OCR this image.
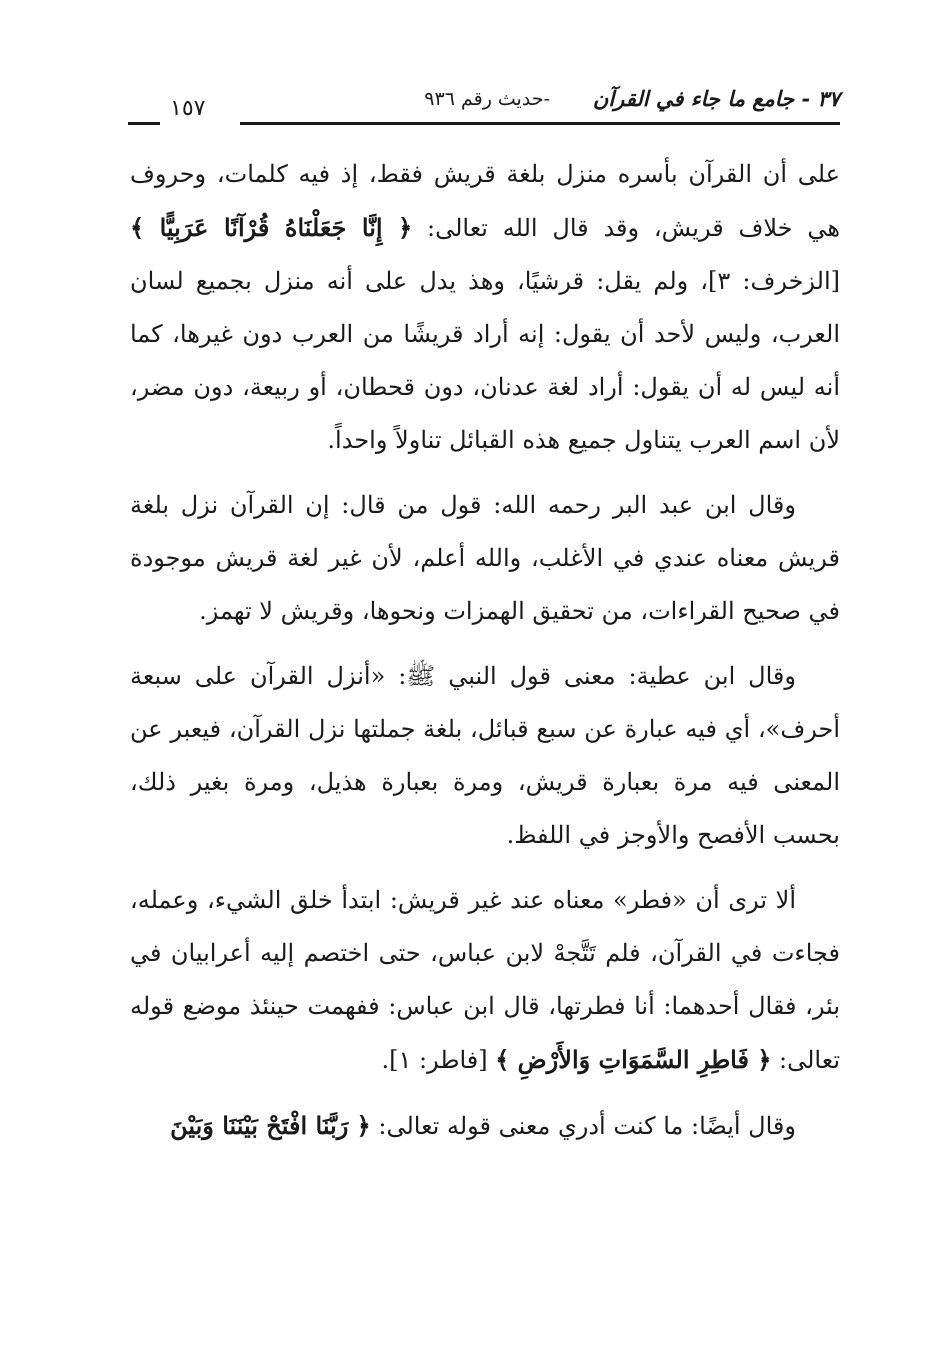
٣٧ - جامع ما جاء في القرآن
-حديث رقم ٩٣٦
١٥٧

على أن القرآن بأسره منزل بلغة قريش فقط، إذ فيه كلمات، وحروف هي خلاف قريش، وقد قال الله تعالى: ﴿ إِنَّا جَعَلْنَاهُ قُرْآنًا عَرَبِيًّا ﴾ [الزخرف: ٣]، ولم يقل: قرشيًا، وهذ يدل على أنه منزل بجميع لسان العرب، وليس لأحد أن يقول: إنه أراد قريشًا من العرب دون غيرها، كما أنه ليس له أن يقول: أراد لغة عدنان، دون قحطان، أو ربيعة، دون مضر، لأن اسم العرب يتناول جميع هذه القبائل تناولاً واحداً.

وقال ابن عبد البر رحمه الله: قول من قال: إن القرآن نزل بلغة قريش معناه عندي في الأغلب، والله أعلم، لأن غير لغة قريش موجودة في صحيح القراءات، من تحقيق الهمزات ونحوها، وقريش لا تهمز.

وقال ابن عطية: معنى قول النبي ﷺ: «أنزل القرآن على سبعة أحرف»، أي فيه عبارة عن سبع قبائل، بلغة جملتها نزل القرآن، فيعبر عن المعنى فيه مرة بعبارة قريش، ومرة بعبارة هذيل، ومرة بغير ذلك، بحسب الأفصح والأوجز في اللفظ.

ألا ترى أن «فطر» معناه عند غير قريش: ابتدأ خلق الشيء، وعمله، فجاءت في القرآن، فلم تَتَّجهْ لابن عباس، حتى اختصم إليه أعرابيان في بئر، فقال أحدهما: أنا فطرتها، قال ابن عباس: ففهمت حينئذ موضع قوله تعالى: ﴿ فَاطِرِ السَّمَوَاتِ وَالأَرْضِ ﴾ [فاطر: ١].

وقال أيضًا: ما كنت أدري معنى قوله تعالى: ﴿ رَبَّنَا افْتَحْ بَيْنَنَا وَبَيْنَ
